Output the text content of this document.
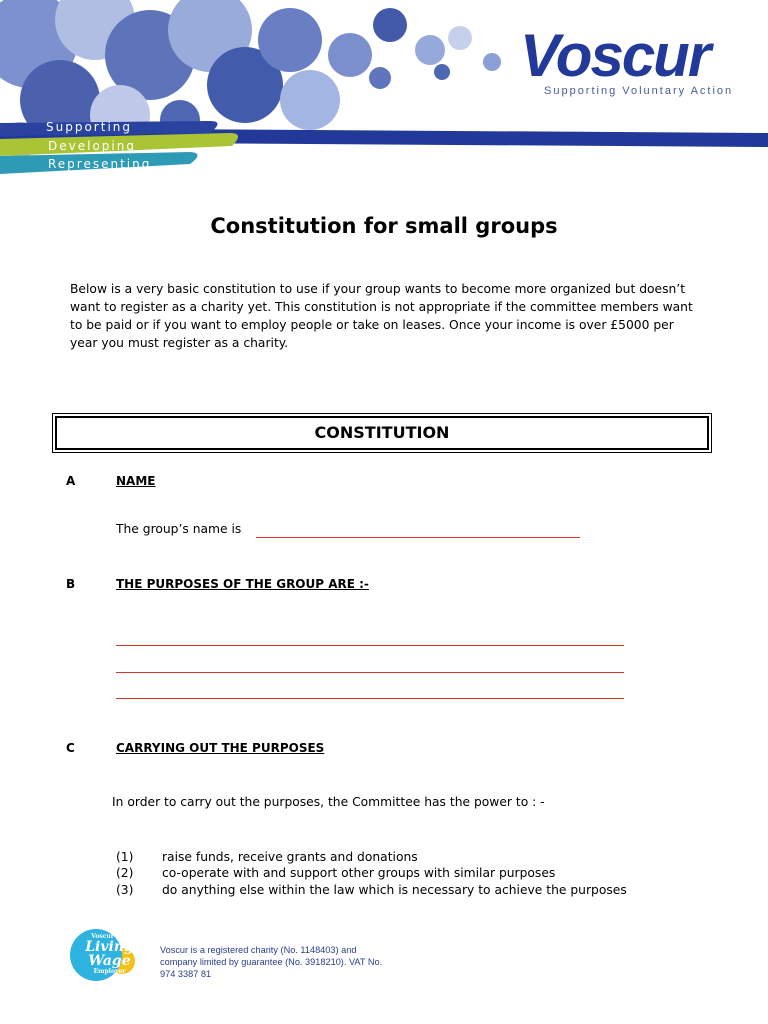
Supporting
Developing
Representing
Voscur
Supporting Voluntary Action
Constitution for small groups
Below is a very basic constitution to use if your group wants to become more organized but doesn’t want to register as a charity yet. This constitution is not appropriate if the committee members want to be paid or if you want to employ people or take on leases. Once your income is over £5000 per year you must register as a charity.
CONSTITUTION
A	NAME
The group’s name is
B	THE PURPOSES OF THE GROUP ARE :-
C	CARRYING OUT THE PURPOSES
In order to carry out the purposes, the Committee has the power to : -
(1)	raise funds, receive grants and donations
(2)	co-operate with and support other groups with similar purposes
(3)	do anything else within the law which is necessary to achieve the purposes
Voscur is a
Living Wage
Employer
Voscur is a registered charity (No. 1148403) and company limited by guarantee (No. 3918210). VAT No. 974 3387 81
